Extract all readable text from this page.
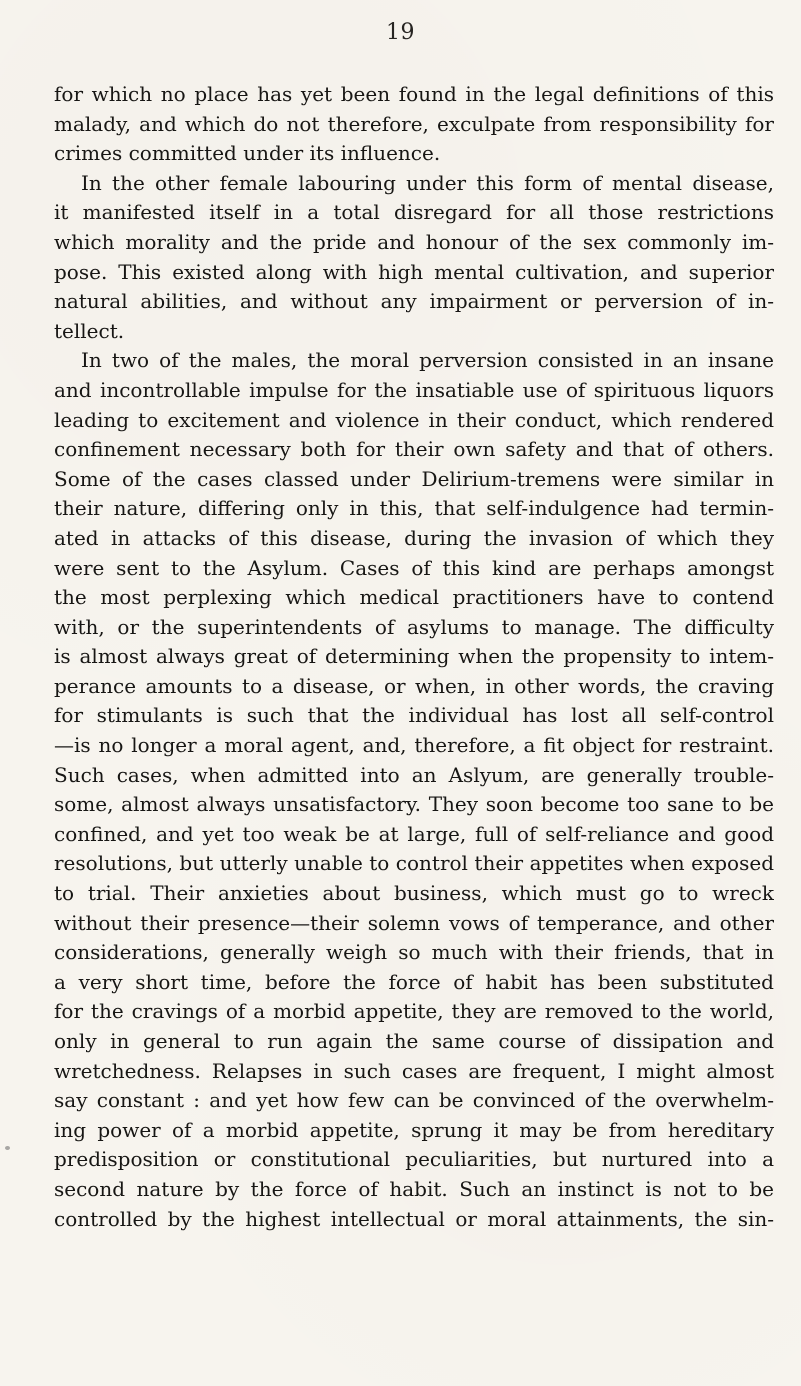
19
for which no place has yet been found in the legal definitions of this
malady, and which do not therefore, exculpate from responsibility for
crimes committed under its influence.
In the other female labouring under this form of mental disease,
it manifested itself in a total disregard for all those restrictions
which morality and the pride and honour of the sex commonly im-
pose. This existed along with high mental cultivation, and superior
natural abilities, and without any impairment or perversion of in-
tellect.
In two of the males, the moral perversion consisted in an insane
and incontrollable impulse for the insatiable use of spirituous liquors
leading to excitement and violence in their conduct, which rendered
confinement necessary both for their own safety and that of others.
Some of the cases classed under Delirium-tremens were similar in
their nature, differing only in this, that self-indulgence had termin-
ated in attacks of this disease, during the invasion of which they
were sent to the Asylum. Cases of this kind are perhaps amongst
the most perplexing which medical practitioners have to contend
with, or the superintendents of asylums to manage. The difficulty
is almost always great of determining when the propensity to intem-
perance amounts to a disease, or when, in other words, the craving
for stimulants is such that the individual has lost all self-control
—is no longer a moral agent, and, therefore, a fit object for restraint.
Such cases, when admitted into an Aslyum, are generally trouble-
some, almost always unsatisfactory. They soon become too sane to be
confined, and yet too weak be at large, full of self-reliance and good
resolutions, but utterly unable to control their appetites when exposed
to trial. Their anxieties about business, which must go to wreck
without their presence—their solemn vows of temperance, and other
considerations, generally weigh so much with their friends, that in
a very short time, before the force of habit has been substituted
for the cravings of a morbid appetite, they are removed to the world,
only in general to run again the same course of dissipation and
wretchedness. Relapses in such cases are frequent, I might almost
say constant : and yet how few can be convinced of the overwhelm-
ing power of a morbid appetite, sprung it may be from hereditary
predisposition or constitutional peculiarities, but nurtured into a
second nature by the force of habit. Such an instinct is not to be
controlled by the highest intellectual or moral attainments, the sin-
